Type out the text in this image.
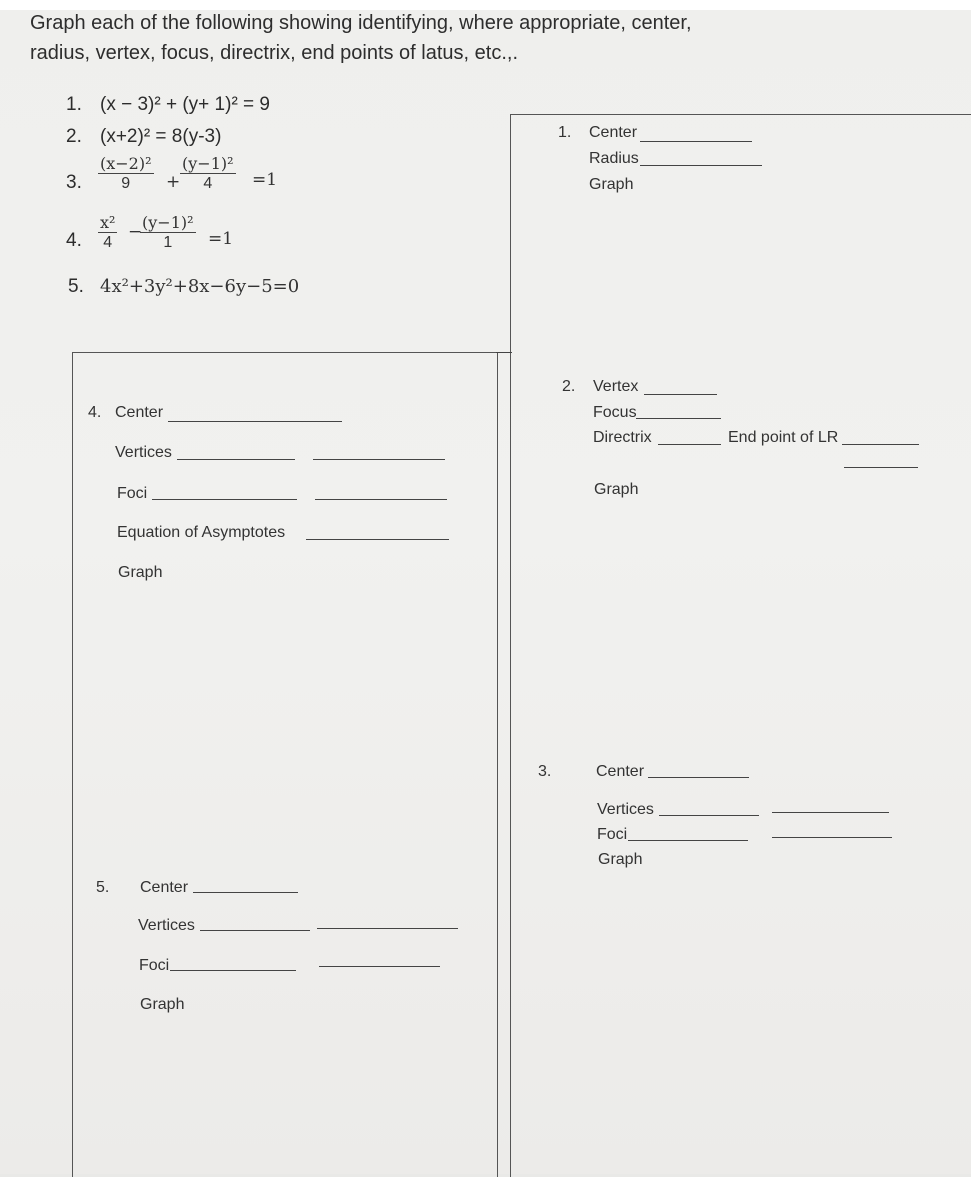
Graph each of the following showing identifying, where appropriate, center,
radius, vertex, focus, directrix, end points of latus, etc.,.
1. (x − 3)² + (y+ 1)² = 9
2. (x+2)² = 8(y-3)
3. $\frac{\text{(x−2)²}}{9} + \frac{\text{(y−1)²}}{4} =1$
4. $\frac{\text{x²}}{4}$ −
$\frac{\text{(y−1)²}}{1} =1$
5. 4x²+3y²+8x−6y−5=0
1. Center
Radius
Graph
2. Vertex
Focus
Directrix	End point of LR
Graph
3.	Center
Vertices
Foci
Graph
4. Center
Vertices
Foci
Equation of Asymptotes
Graph
5. Center
Vertices
Foci
Graph
